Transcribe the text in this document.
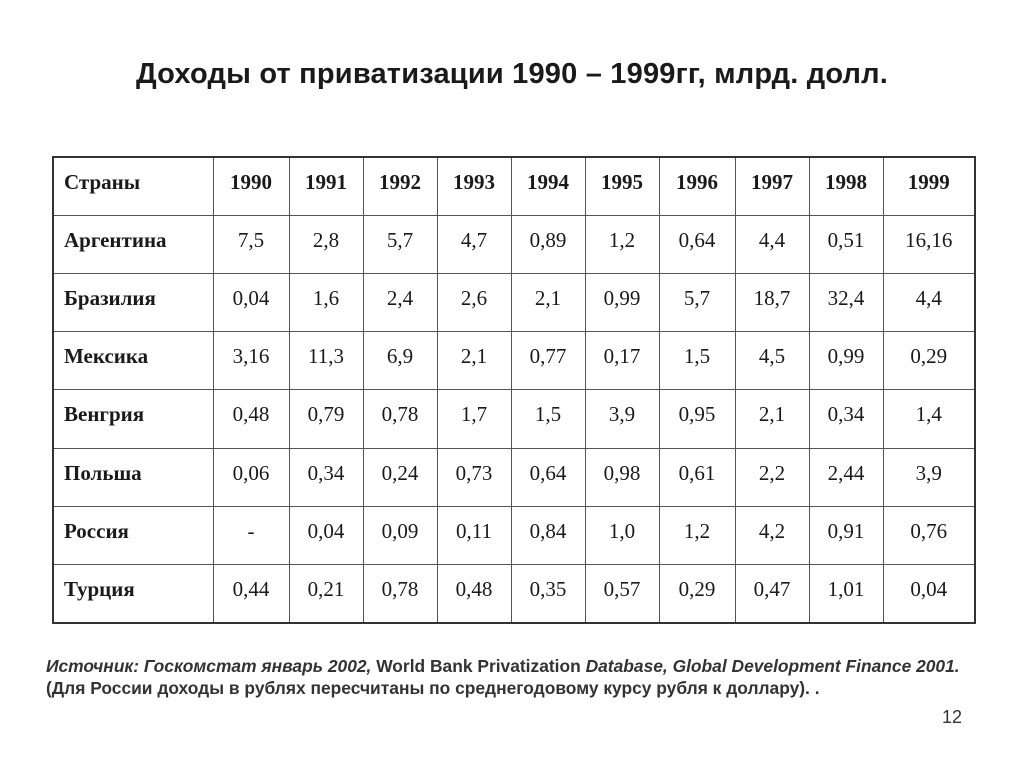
Доходы от приватизации 1990 – 1999гг, млрд. долл.
Страны	1990	1991	1992	1993	1994	1995	1996	1997	1998	1999
Аргентина	7,5	2,8	5,7	4,7	0,89	1,2	0,64	4,4	0,51	16,16
Бразилия	0,04	1,6	2,4	2,6	2,1	0,99	5,7	18,7	32,4	4,4
Мексика	3,16	11,3	6,9	2,1	0,77	0,17	1,5	4,5	0,99	0,29
Венгрия	0,48	0,79	0,78	1,7	1,5	3,9	0,95	2,1	0,34	1,4
Польша	0,06	0,34	0,24	0,73	0,64	0,98	0,61	2,2	2,44	3,9
Россия	-	0,04	0,09	0,11	0,84	1,0	1,2	4,2	0,91	0,76
Турция	0,44	0,21	0,78	0,48	0,35	0,57	0,29	0,47	1,01	0,04
Источник: Госкомстат январь 2002, World Bank Privatization Database, Global Development Finance 2001. (Для России доходы в рублях пересчитаны по среднегодовому курсу рубля к доллару). .
12
